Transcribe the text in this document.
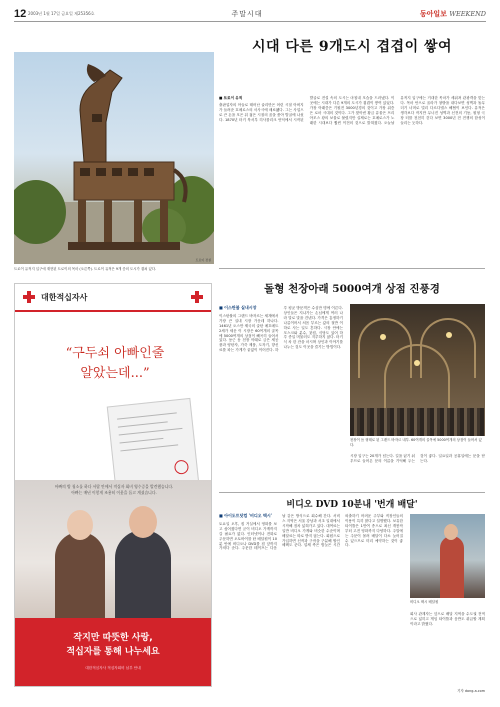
12 2003년 1월 17일 금요일 제25356호	주말시대	동아일보 WEEKEND
시대 다른 9개도시 겹겹이 쌓여
트로이 전설
트로이 유적지 입구에 재현된 트로이의 목마 (오른쪽). 트로이 유적은 9개 층의 도시가 겹쳐 있다.
■ 트로이 유적
출판업자의 아들로 태어난 슐리만은 어린 시절 아버지가 들려준 호메로스의 서사시에 매료됐다. 그는 사업으로 큰 돈을 모은 뒤 젊은 시절의 꿈을 좇아 발굴에 나섰다. 1870년 터키 북서부 히사를리크 언덕에서 시작된 발굴로 전설 속의 도시는 마침내 모습을 드러냈다. 이곳에는 시대가 다른 9개의 도시가 겹겹이 쌓여 있었다. 가장 아래층은 기원전 3000년경의 것이고 가장 위층은 로마 시대의 것이다. 그가 찾아낸 황금 유물은 프리아모스 왕의 보물로 불렸지만 실제로는 호메로스가 노래한 시대보다 훨씬 이전의 것으로 밝혀졌다. 오늘날 유적지 입구에는 거대한 목마가 세워져 관광객을 맞는다. 목마 안으로 올라가 창밖을 내다보면 성벽과 돌무더기 너머로 멀리 다르다넬스 해협이 보인다. 유적은 생각보다 작지만 무너진 성벽과 신전의 기둥, 원형 극장 터를 천천히 걷다 보면 3000년 전 전쟁의 함성이 들리는 듯하다.
돌형 천장아래 5000여개 상점 진풍경
■ 이스탄불 실내시장
이스탄불의 그랜드 바자르는 세계에서 가장 큰 실내 시장 가운데 하나다. 1461년 오스만 제국의 술탄 메흐메트 2세가 세운 이 시장은 60여개의 골목에 5000여개의 상점이 빼곡히 들어서 있다. 둥근 돔 천장 아래로 금은 세공품과 양탄자, 가죽 제품, 도자기, 향신료를 파는 가게가 끝없이 이어진다. 하루 평균 방문객은 수십만 명에 이른다. 상인들은 지나가는 손님에게 여러 나라 말로 말을 건넨다. 가격은 흥정하기 나름이어서 처음 부르는 값의 절반 이하로 사는 일도 흔하다. 시장 안에는 모스크와 분수, 찻집, 식당도 있어 하루 종일 머물러도 지루하지 않다. 터키식 차 한 잔을 마시며 상인과 이야기를 나누는 것도 이곳을 즐기는 방법이다.
천장이 돔 형태로 된 그랜드 바자르 내부. 60여개의 골목에 5000여개의 상점이 들어서 있다.
시장 입구는 20개가 넘는다. 길을 잃기 쉬우므로 들어온 문의 이름을 기억해 두는 것이 좋다. 일요일과 공휴일에는 문을 닫는다.
비디오 DVD 10분내 '번개 배달'
■ 아이도트닷컴 '비디오 택시'
토요일 오후, 집 거실에서 영화를 보고 싶어졌다면 굳이 비디오 가게까지 갈 필요가 없다. 인터넷이나 전화로 주문하면 오토바이를 탄 배달원이 10분 안에 비디오나 DVD를 집 앞까지 가져다 준다. 주문한 테이프는 다음 날 같은 방식으로 회수해 간다. 서비스 지역은 서울 강남과 서초 일대에서 시작해 점차 넓혀가고 있다. 대여료는 일반 비디오 가게와 비슷한 수준이며 배달료는 따로 받지 않는다. 회원으로 가입하면 신작과 구작을 구분해 할인 혜택도 준다. 업체 측은 밤늦은 시간 외출하기 어려운 주부와 직장인들의 이용이 특히 많다고 설명했다. 보유한 타이틀은 1만여 종으로 최신 개봉작부터 고전 영화까지 다양하다. 주말에는 주문이 몰려 배달이 다소 늦어질 수 있으므로 미리 예약하는 것이 좋다.
비디오 택시 배달원
회사 관계자는 앞으로 배달 지역을 수도권 전역으로 넓히고 게임 타이틀과 음반도 취급할 계획이라고 밝혔다.
기자 dong-a.com
대한적십자사
“구두쇠 아빠인줄
알았는데...”
아빠의 방 청소를 하다 서랍 안에서 적십자 회비 영수증을 발견했습니다.
아빠는 매년 이렇게 조용히 이웃을 돕고 계셨습니다.
작지만 따뜻한 사랑,
적십자를 통해 나누세요
대한적십자사 적십자회비 납부 안내
